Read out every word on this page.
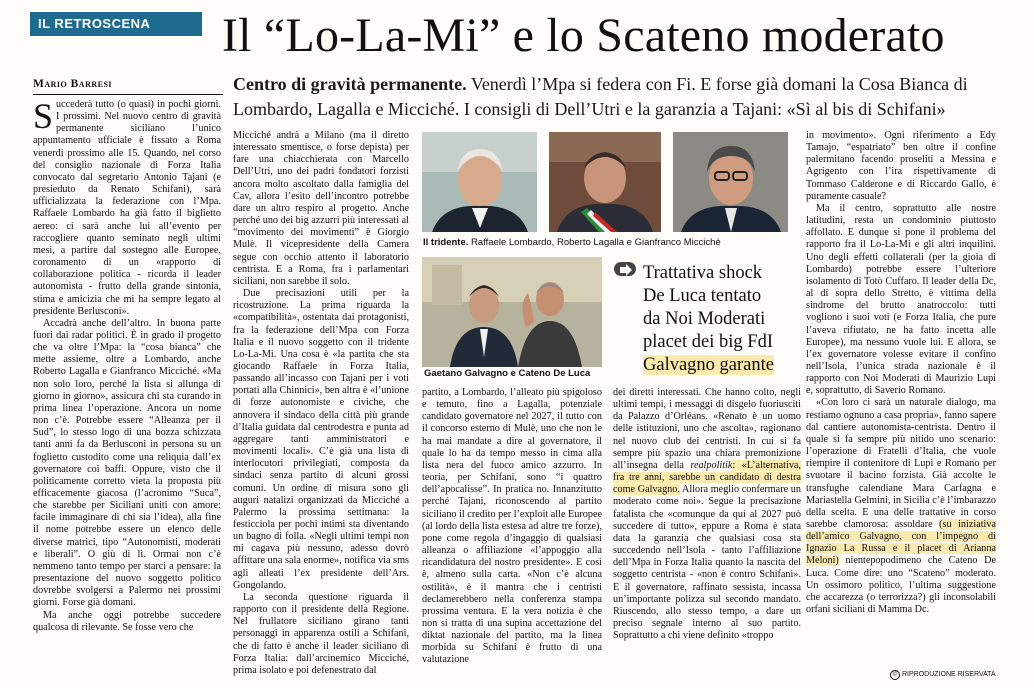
IL RETROSCENA	Il “Lo-La-Mi” e lo Scateno moderato
Mario Barresi	Centro di gravità permanente. Venerdì l’Mpa si federa con Fi. E forse già domani la Cosa Bianca di Lombardo, Lagalla e Micciché. I consigli di Dell’Utri e la garanzia a Tajani: «Sì al bis di Schifani»

Succederà tutto (o quasi) in pochi giorni. I prossimi. Nel nuovo centro di gravità permanente siciliano l’unico appuntamento ufficiale è fissato a Roma venerdì prossimo alle 15. Quando, nel corso del consiglio nazionale di Forza Italia convocato dal segretario Antonio Tajani (e presieduto da Renato Schifani), sarà ufficializzata la federazione con l’Mpa. Raffaele Lombardo ha già fatto il biglietto aereo: ci sarà anche lui all’evento per raccogliere quanto seminato negli ultimi mesi, a partire dal sostegno alle Europee, coronamento di un «rapporto di collaborazione politica - ricorda il leader autonomista - frutto della grande sintonia, stima e amicizia che mi ha sempre legato al presidente Berlusconi».

Accadrà anche dell’altro. In buona parte fuori dai radar politici. È in grado il progetto che va oltre l’Mpa: la “cosa bianca” che mette assieme, oltre a Lombardo, anche Roberto Lagalla e Gianfranco Micciché. «Ma non solo loro, perché la lista si allunga di giorno in giorno», assicura chi sta curando in prima linea l’operazione. Ancora un nome non c’è. Potrebbe essere “Alleanza per il Sud”, lo stesso logo di una bozza schizzata tanti anni fa da Berlusconi in persona su un foglietto custodito come una reliquia dall’ex governatore coi baffi. Oppure, visto che il politicamente corretto vieta la proposta più efficacemente giacosa (l’acronimo “Suca”, che starebbe per Siciliani uniti con amore: facile immaginare di chi sia l’idea), alla fine il nome potrebbe essere un elenco delle diverse matrici, tipo “Autonomisti, moderati e liberali”. O giù di lì. Ormai non c’è nemmeno tanto tempo per starci a pensare: la presentazione del nuovo soggetto politico dovrebbe svolgersi a Palermo nei prossimi giorni. Forse già domani.

Ma anche oggi potrebbe succedere qualcosa di rilevante. Se fosse vero che

Micciché andrà a Milano (ma il diretto interessato smentisce, o forse depista) per fare una chiacchierata con Marcello Dell’Utri, uno dei padri fondatori forzisti ancora molto ascoltato dalla famiglia del Cav, allora l’esito dell’incontro potrebbe dare un altro respiro al progetto. Anche perché uno dei big azzurri più interessati al “movimento dei movimenti” è Giorgio Mulè. Il vicepresidente della Camera segue con occhio attento il laboratorio centrista. E a Roma, fra i parlamentari siciliani, non sarebbe il solo.

Due precisazioni utili per la ricostruzione. La prima riguarda la «compatibilità», ostentata dai protagonisti, fra la federazione dell’Mpa con Forza Italia e il nuovo soggetto con il tridente Lo-La-Mi. Una cosa è «la partita che sta giocando Raffaele in Forza Italia, passando all’incasso con Tajani per i voti portati alla Chinnici», ben altra è «l’unione di forze autonomiste e civiche, che annovera il sindaco della città più grande d’Italia guidata dal centrodestra e punta ad aggregare tanti amministratori e movimenti locali». C’è già una lista di interlocutori privilegiati, composta da sindaci senza partito di alcuni grossi comuni. Un ordine di misura sono gli auguri natalizi organizzati da Micciché a Palermo la prossima settimana: la festicciola per pochi intimi sta diventando un bagno di folla. «Negli ultimi tempi non mi cagava più nessuno, adesso dovrò affittare una sala enorme», notifica via sms agli alleati l’ex presidente dell’Ars. Gongolando.

La seconda questione riguarda il rapporto con il presidente della Regione. Nel frullatore siciliano girano tanti personaggi in apparenza ostili a Schifani, che di fatto è anche il leader siciliano di Forza Italia: dall’arcinemico Micciché, prima isolato e poi defenestrato dal

Il tridente. Raffaele Lombardo, Roberto Lagalla e Gianfranco Micciché
Gaetano Galvagno e Cateno De Luca

partito, a Lombardo, l’alleato più spigoloso e temuto, fino a Lagalla, potenziale candidato governatore nel 2027, il tutto con il concorso esterno di Mulè, uno che non le ha mai mandate a dire al governatore, il quale lo ha da tempo messo in cima alla lista nera del fuoco amico azzurro. In teoria, per Schifani, sono “i quattro dell’apocalisse”. In pratica no. Innanzitutto perché Tajani, riconoscendo al partito siciliano il credito per l’exploit alle Europee (al lordo della lista estesa ad altre tre forze), pone come regola d’ingaggio di qualsiasi alleanza o affiliazione «l’appoggio alla ricandidatura del nostro presidente». E così è, almeno sulla carta. «Non c’è alcuna ostilità», è il mantra che i centristi declamerebbero nella conferenza stampa prossima ventura. E la vera notizia è che non si tratta di una supina accettazione del diktat nazionale del partito, ma la linea morbida su Schifani è frutto di una valutazione

Trattativa shock
De Luca tentato
da Noi Moderati
placet dei big FdI
Galvagno garante

dei diretti interessati. Che hanno colto, negli ultimi tempi, i messaggi di disgelo fuoriusciti da Palazzo d’Orléans. «Renato è un uomo delle istituzioni, uno che ascolta», ragionano nel nuovo club dei centristi. In cui si fa sempre più spazio una chiara premonizione all’insegna della realpolitik: «L’alternativa, fra tre anni, sarebbe un candidato di destra come Galvagno. Allora meglio confermare un moderato come noi». Segue la precisazione fatalista che «comunque da qui al 2027 può succedere di tutto», eppure a Roma è stata data la garanzia che qualsiasi cosa sta succedendo nell’Isola - tanto l’affiliazione dell’Mpa in Forza Italia quanto la nascita del soggetto centrista - «non è contro Schifani». E il governatore, raffinato sessista, incassa un’importante polizza sul secondo mandato. Riuscendo, allo stesso tempo, a dare un preciso segnale interno al suo partito. Soprattutto a chi viene definito «troppo

in movimento». Ogni riferimento a Edy Tamajo, “espatriato” ben oltre il confine palermitano facendo proseliti a Messina e Agrigento con l’ira rispettivamente di Tommaso Calderone e di Riccardo Gallo, è puramente casuale?

Ma il centro, soprattutto alle nostre latitudini, resta un condominio piuttosto affollato. E dunque si pone il problema del rapporto fra il Lo-La-Mi e gli altri inquilini. Uno degli effetti collaterali (per la gioia di Lombardo) potrebbe essere l’ulteriore isolamento di Totò Cuffaro. Il leader della Dc, al di sopra dello Stretto, è vittima della sindrome del brutto anatroccolo: tutti vogliono i suoi voti (e Forza Italia, che pure l’aveva rifiutato, ne ha fatto incetta alle Europee), ma nessuno vuole lui. E allora, se l’ex governatore volesse evitare il confino nell’Isola, l’unica strada nazionale è il rapporto con Noi Moderati di Maurizio Lupi e, soprattutto, di Saverio Romano.

«Con loro ci sarà un naturale dialogo, ma restiamo ognuno a casa propria», fanno sapere dal cantiere autonomista-centrista. Dentro il quale si fa sempre più nitido uno scenario: l’operazione di Fratelli d’Italia, che vuole riempire il contenitore di Lupi e Romano per svuotare il bacino forzista. Già accolte le transfughe calendiane Mara Carfagna e Mariastella Gelmini, in Sicilia c’è l’imbarazzo della scelta. E una delle trattative in corso sarebbe clamorosa: assoldare (su iniziativa dell’amico Galvagno, con l’impegno di Ignazio La Russa e il placet di Arianna Meloni) nientepopodimeno che Cateno De Luca. Come dire: uno “Scateno” moderato. Un ossimoro politico, l’ultima suggestione che accarezza (o terrorizza?) gli inconsolabili orfani siciliani di Mamma Dc.

© RIPRODUZIONE RISERVATA
